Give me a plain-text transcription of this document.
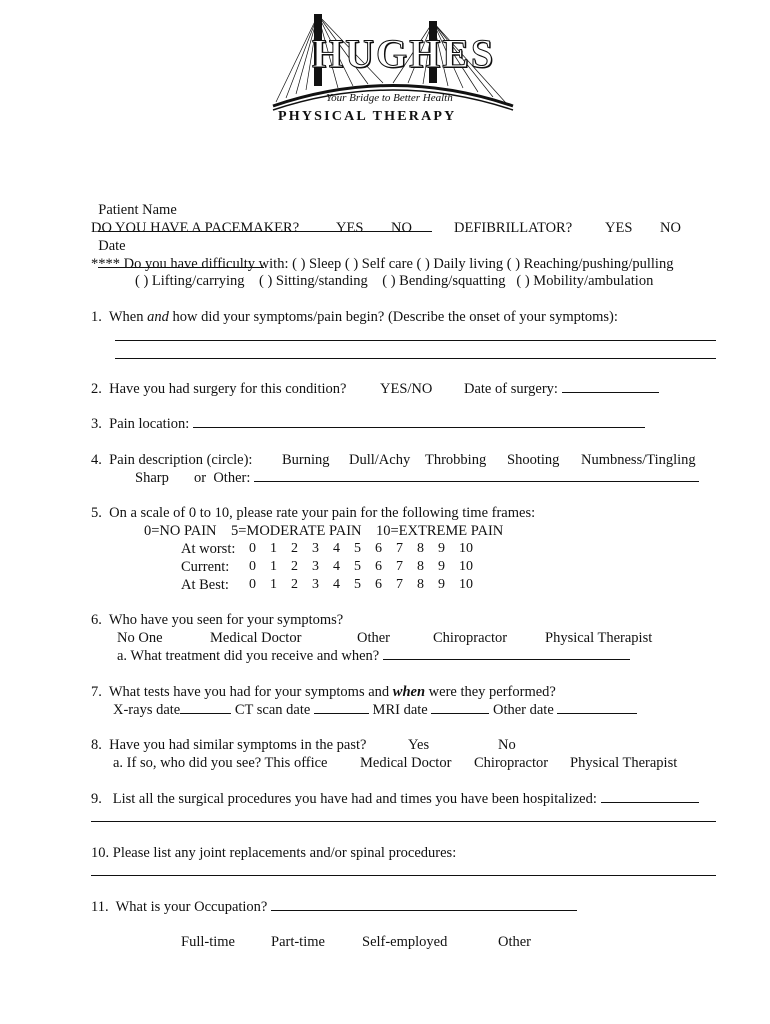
HUGHES
Your Bridge to Better Health
PHYSICAL THERAPY

Patient Name

Date

DO YOU HAVE A PACEMAKER?	YES NO	DEFIBRILLATOR? YES NO
**** Do you have difficulty with: ( ) Sleep ( ) Self care ( ) Daily living ( ) Reaching/pushing/pulling
( ) Lifting/carrying ( ) Sitting/standing ( ) Bending/squatting ( ) Mobility/ambulation
1. When and how did your symptoms/pain begin? (Describe the onset of your symptoms):
2.  Have you had surgery for this condition? YES/NO Date of surgery:
3.  Pain location:
4.  Pain description (circle): Burning Dull/Achy Throbbing Shooting Numbness/Tingling
Sharp or  Other:
5.  On a scale of 0 to 10, please rate your pain for the following time frames:
0=NO PAIN    5=MODERATE PAIN    10=EXTREME PAIN
At worst: 0    1    2    3    4    5    6    7    8    9    10
Current: 0    1    2    3    4    5    6    7    8    9    10
At Best: 0    1    2    3    4    5    6    7    8    9    10
6.  Who have you seen for your symptoms?
No One	Medical Doctor	Other	Chiropractor	Physical Therapist
a. What treatment did you receive and when?
7.  What tests have you had for your symptoms and when were they performed?
X-rays date	CT scan date	MRI date	Other date
8.  Have you had similar symptoms in the past?	Yes	No
a. If so, who did you see? This office Medical Doctor Chiropractor Physical Therapist
9.   List all the surgical procedures you have had and times you have been hospitalized:
10. Please list any joint replacements and/or spinal procedures:
11.  What is your Occupation?
Full-time Part-time	Self-employed	Other
